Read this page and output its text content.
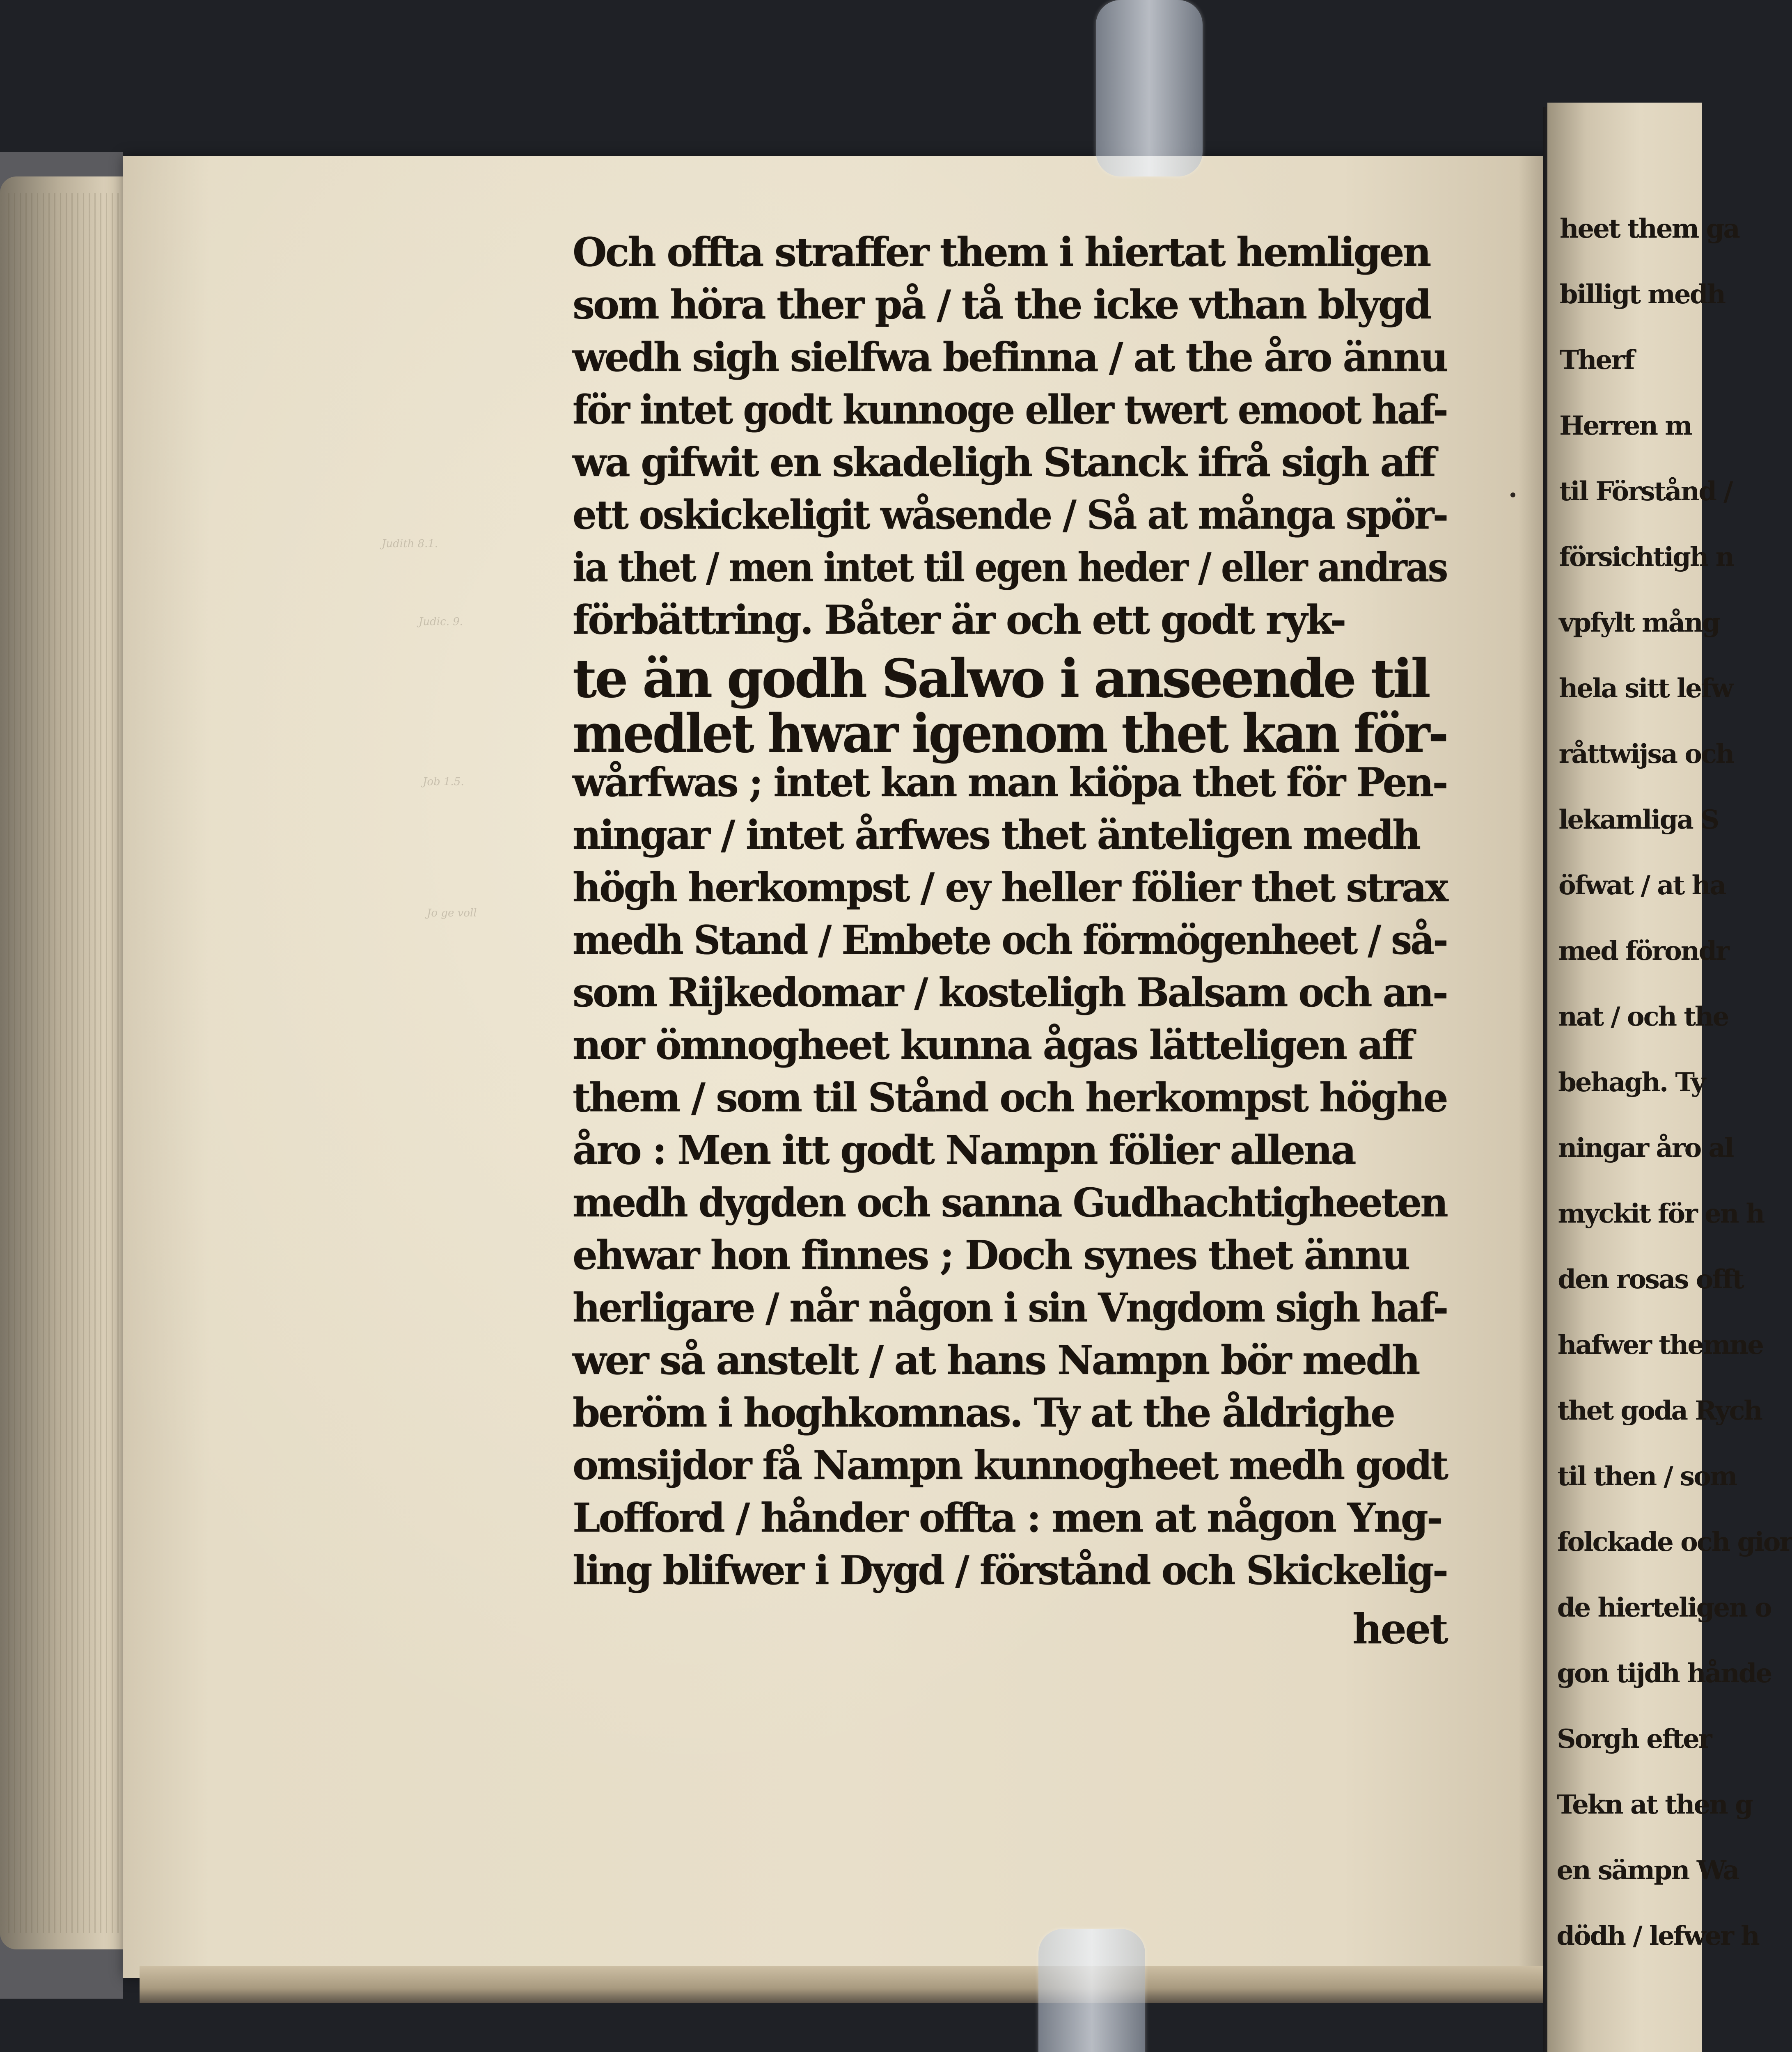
Judith 8.1.
Judic. 9.
Job 1.5.
Jo ge voll
Och offta straffer them i hiertat hemligen
som höra ther på / tå the icke vthan blygd
wedh sigh sielfwa befinna / at the åro ännu
för intet godt kunnoge eller twert emoot haf-
wa gifwit en skadeligh Stanck ifrå sigh aff
ett oskickeligit wåsende / Så at många spör-
ia thet / men intet til egen heder / eller andras
förbättring. Båter är och ett godt ryk-
te än godh Salwo i anseende til
medlet hwar igenom thet kan för-
wårfwas ; intet kan man kiöpa thet för Pen-
ningar / intet årfwes thet änteligen medh
högh herkompst / ey heller fölier thet strax
medh Stand / Embete och förmögenheet / så-
som Rijkedomar / kosteligh Balsam och an-
nor ömnogheet kunna ågas lätteligen aff
them / som til Stånd och herkompst höghe
åro : Men itt godt Nampn fölier allena
medh dygden och sanna Gudhachtigheeten
ehwar hon finnes ; Doch synes thet ännu
herligare / når någon i sin Vngdom sigh haf-
wer så anstelt / at hans Nampn bör medh
beröm i hoghkomnas. Ty at the åldrighe
omsijdor få Nampn kunnogheet medh godt
Lofford / hånder offta : men at någon Yng-
ling blifwer i Dygd / förstånd och Skickelig-
heet
heet them ga
billigt medh
Therf
Herren m
til Förstånd /
försichtigh n
vpfylt mång
hela sitt lefw
råttwijsa och
lekamliga S
öfwat / at ha
med förondr
nat / och the
behagh. Ty
ningar åro al
myckit för en h
den rosas offt
hafwer themne
thet goda Rych
til then / som
folckade och gior
de hierteligen o
gon tijdh hånde
Sorgh efter
Tekn at then g
en sämpn Wa
dödh / lefwer h
